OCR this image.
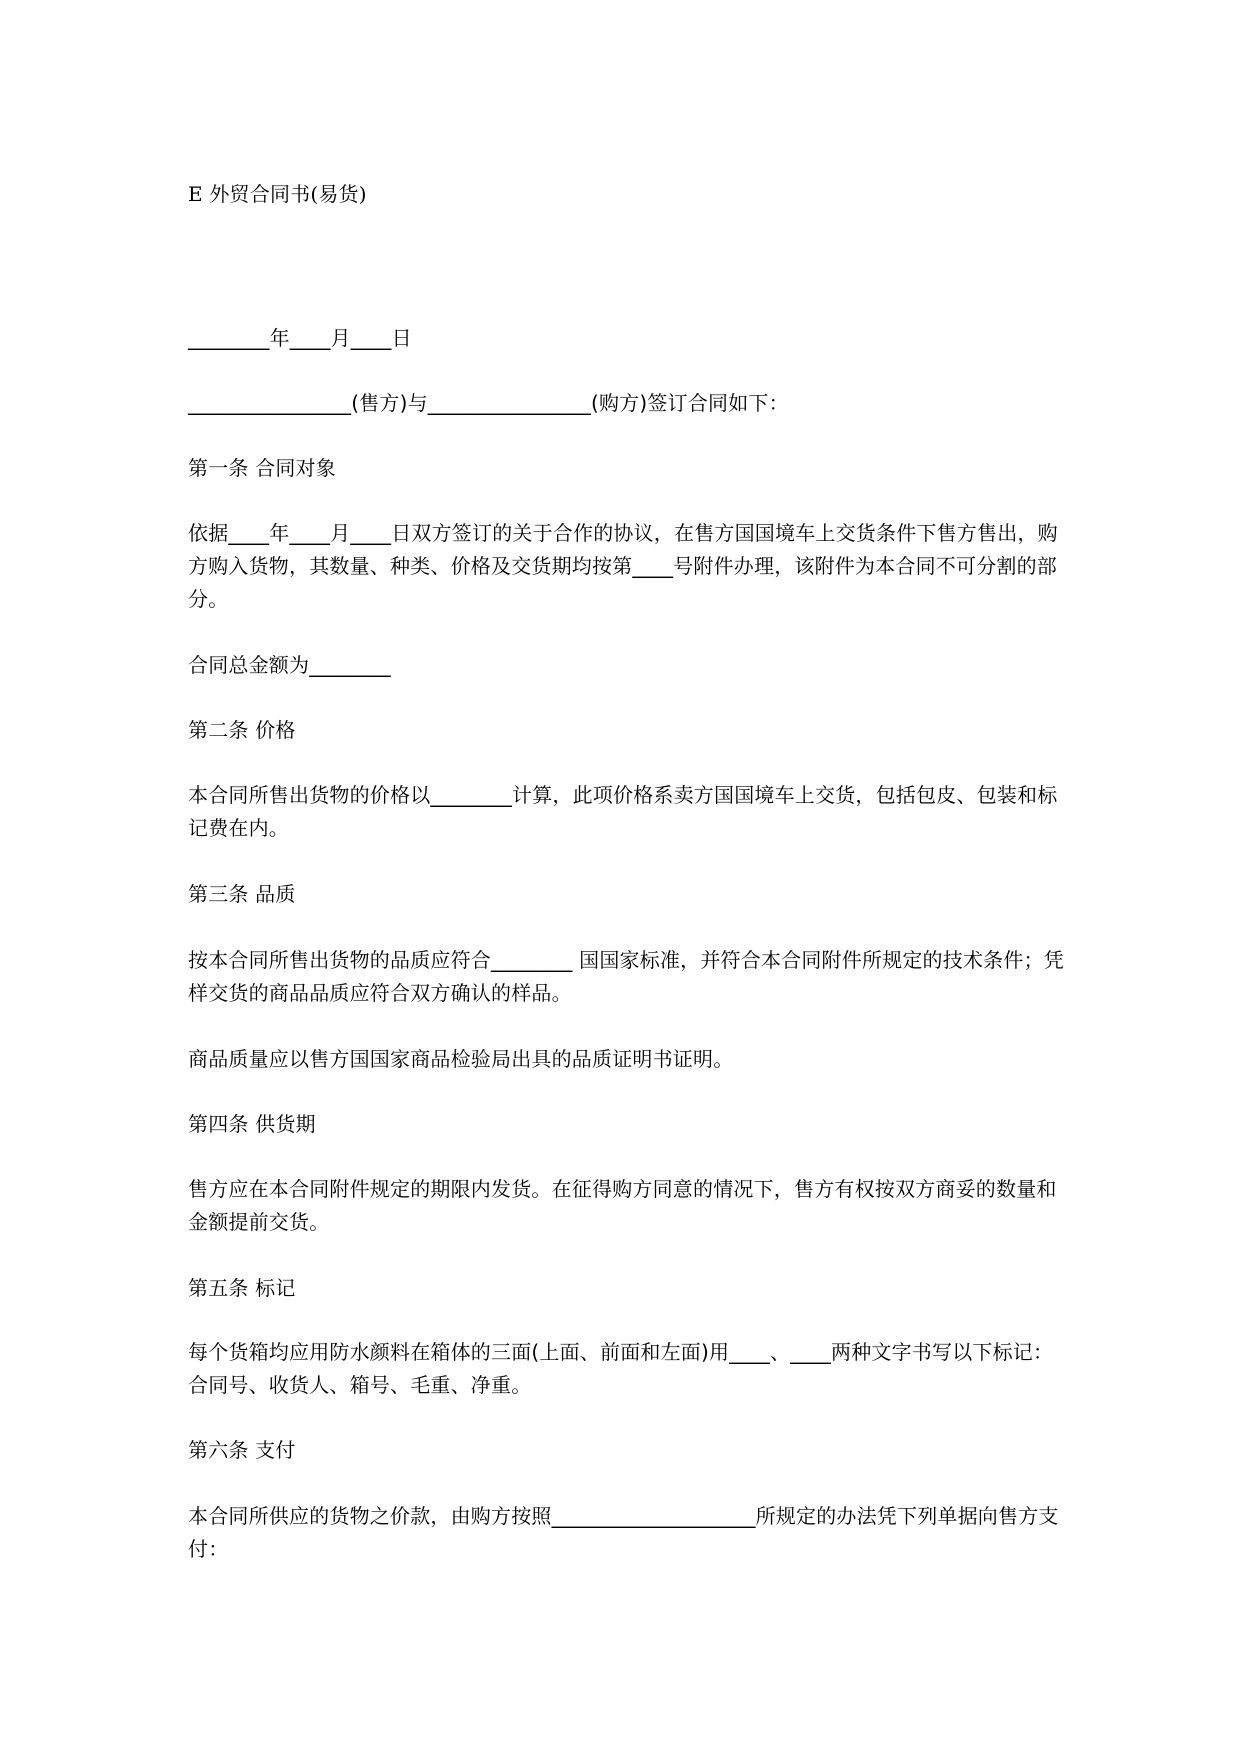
E 外贸合同书(易货)

________年____月____日

________________(售方)与________________(购方)签订合同如下：

第一条 合同对象

依据____年____月____日双方签订的关于合作的协议，在售方国国境车上交货条件下售方售出，购方购入货物，其数量、种类、价格及交货期均按第____号附件办理，该附件为本合同不可分割的部分。

合同总金额为________

第二条 价格

本合同所售出货物的价格以________计算，此项价格系卖方国国境车上交货，包括包皮、包装和标记费在内。

第三条 品质

按本合同所售出货物的品质应符合________ 国国家标准，并符合本合同附件所规定的技术条件；凭样交货的商品品质应符合双方确认的样品。

商品质量应以售方国国家商品检验局出具的品质证明书证明。

第四条 供货期

售方应在本合同附件规定的期限内发货。在征得购方同意的情况下，售方有权按双方商妥的数量和金额提前交货。

第五条 标记

每个货箱均应用防水颜料在箱体的三面(上面、前面和左面)用____、____两种文字书写以下标记：合同号、收货人、箱号、毛重、净重。

第六条 支付

本合同所供应的货物之价款，由购方按照____________________所规定的办法凭下列单据向售方支付：
